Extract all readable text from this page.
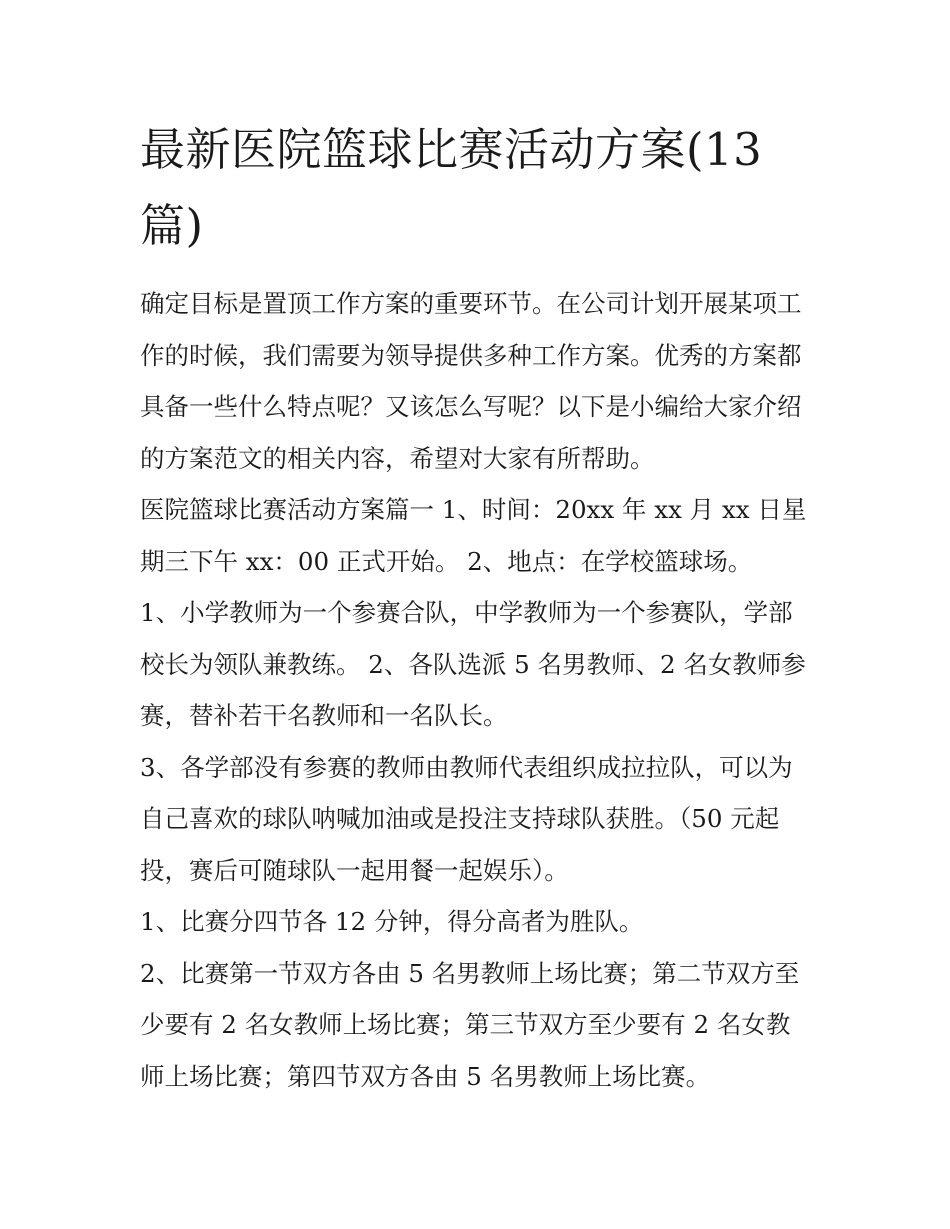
最新医院篮球比赛活动方案(13篇)

确定目标是置顶工作方案的重要环节。在公司计划开展某项工作的时候，我们需要为领导提供多种工作方案。优秀的方案都具备一些什么特点呢？又该怎么写呢？以下是小编给大家介绍的方案范文的相关内容，希望对大家有所帮助。

医院篮球比赛活动方案篇一 1、时间：20xx 年 xx 月 xx 日星期三下午 xx：00 正式开始。 2、地点：在学校篮球场。

1、小学教师为一个参赛合队，中学教师为一个参赛队，学部校长为领队兼教练。 2、各队选派 5 名男教师、2 名女教师参赛，替补若干名教师和一名队长。

3、各学部没有参赛的教师由教师代表组织成拉拉队，可以为自己喜欢的球队呐喊加油或是投注支持球队获胜。（50 元起投，赛后可随球队一起用餐一起娱乐）。

1、比赛分四节各 12 分钟，得分高者为胜队。

2、比赛第一节双方各由 5 名男教师上场比赛；第二节双方至少要有 2 名女教师上场比赛；第三节双方至少要有 2 名女教师上场比赛；第四节双方各由 5 名男教师上场比赛。
